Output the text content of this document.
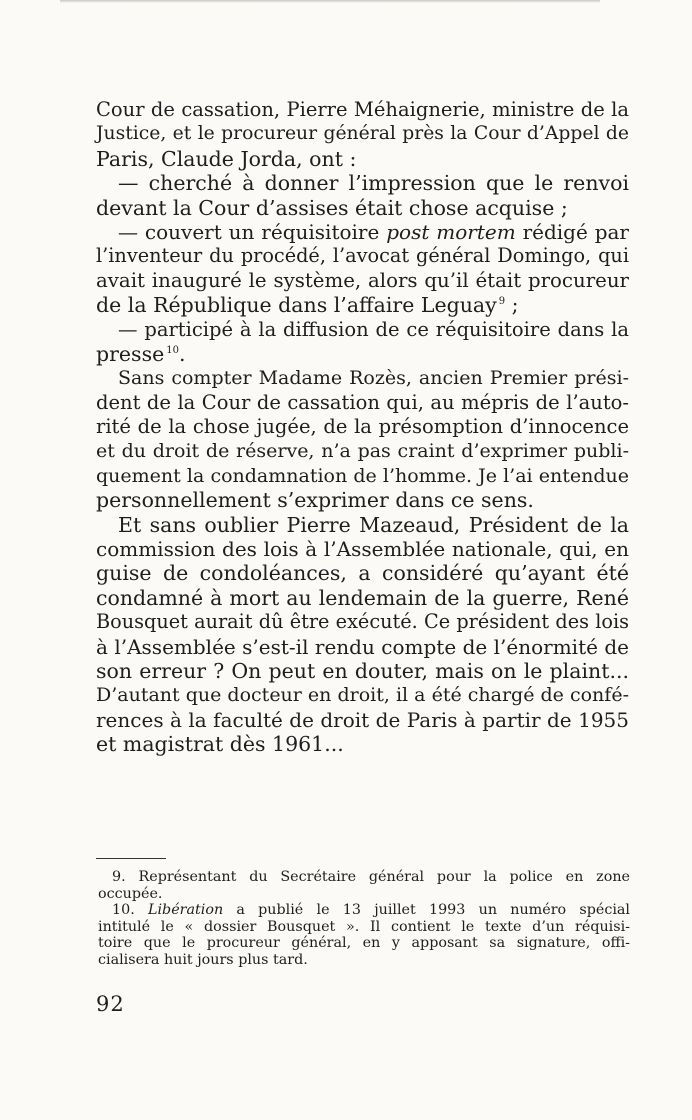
Cour de cassation, Pierre Méhaignerie, ministre de la
Justice, et le procureur général près la Cour d’Appel de
Paris, Claude Jorda, ont :
— cherché à donner l’impression que le renvoi
devant la Cour d’assises était chose acquise ;
— couvert un réquisitoire post mortem rédigé par
l’inventeur du procédé, l’avocat général Domingo, qui
avait inauguré le système, alors qu’il était procureur
de la République dans l’affaire Leguay $^9$ ;
— participé à la diffusion de ce réquisitoire dans la
presse $^{10}$.
Sans compter Madame Rozès, ancien Premier prési-
dent de la Cour de cassation qui, au mépris de l’auto-
rité de la chose jugée, de la présomption d’innocence
et du droit de réserve, n’a pas craint d’exprimer publi-
quement la condamnation de l’homme. Je l’ai entendue
personnellement s’exprimer dans ce sens.
Et sans oublier Pierre Mazeaud, Président de la
commission des lois à l’Assemblée nationale, qui, en
guise de condoléances, a considéré qu’ayant été
condamné à mort au lendemain de la guerre, René
Bousquet aurait dû être exécuté. Ce président des lois
à l’Assemblée s’est-il rendu compte de l’énormité de
son erreur ? On peut en douter, mais on le plaint...
D’autant que docteur en droit, il a été chargé de confé-
rences à la faculté de droit de Paris à partir de 1955
et magistrat dès 1961...
9. Représentant du Secrétaire général pour la police en zone
occupée.
10. Libération a publié le 13 juillet 1993 un numéro spécial
intitulé le « dossier Bousquet ». Il contient le texte d’un réquisi-
toire que le procureur général, en y apposant sa signature, offi-
cialisera huit jours plus tard.
92
